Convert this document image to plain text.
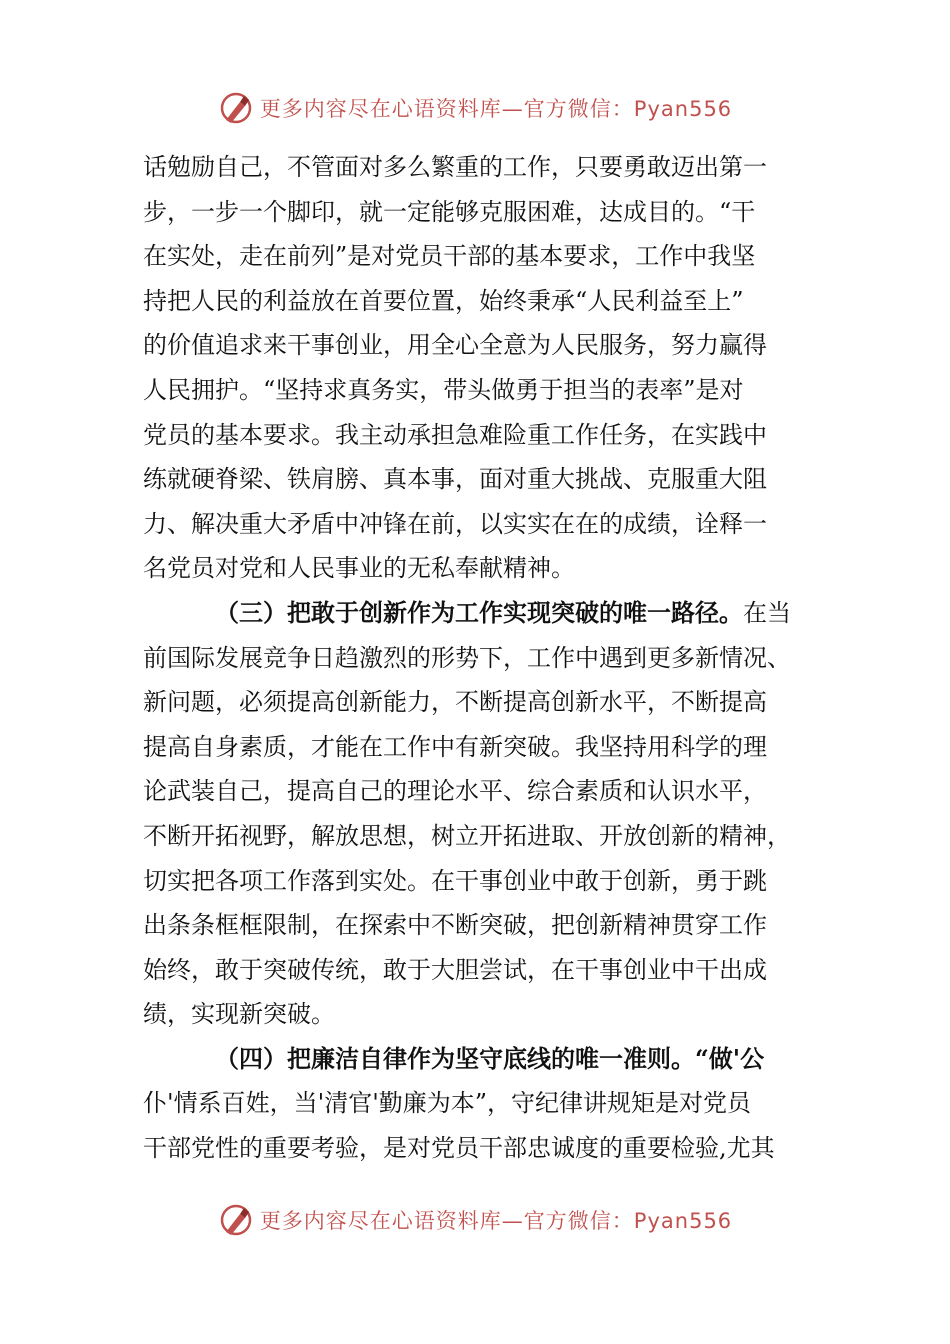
更多内容尽在心语资料库—官方微信：Pyan556
话勉励自己，不管面对多么繁重的工作，只要勇敢迈出第一
步，一步一个脚印，就一定能够克服困难，达成目的。“干
在实处，走在前列”是对党员干部的基本要求，工作中我坚
持把人民的利益放在首要位置，始终秉承“人民利益至上”
的价值追求来干事创业，用全心全意为人民服务，努力赢得
人民拥护。“坚持求真务实，带头做勇于担当的表率”是对
党员的基本要求。我主动承担急难险重工作任务，在实践中
练就硬脊梁、铁肩膀、真本事，面对重大挑战、克服重大阻
力、解决重大矛盾中冲锋在前，以实实在在的成绩，诠释一
名党员对党和人民事业的无私奉献精神。
（三）把敢于创新作为工作实现突破的唯一路径。在当
前国际发展竞争日趋激烈的形势下，工作中遇到更多新情况、
新问题，必须提高创新能力，不断提高创新水平，不断提高
提高自身素质，才能在工作中有新突破。我坚持用科学的理
论武装自己，提高自己的理论水平、综合素质和认识水平，
不断开拓视野，解放思想，树立开拓进取、开放创新的精神，
切实把各项工作落到实处。在干事创业中敢于创新，勇于跳
出条条框框限制，在探索中不断突破，把创新精神贯穿工作
始终，敢于突破传统，敢于大胆尝试，在干事创业中干出成
绩，实现新突破。
（四）把廉洁自律作为坚守底线的唯一准则。“做'公
仆'情系百姓，当'清官'勤廉为本”，守纪律讲规矩是对党员
干部党性的重要考验，是对党员干部忠诚度的重要检验,尤其
更多内容尽在心语资料库—官方微信：Pyan556
